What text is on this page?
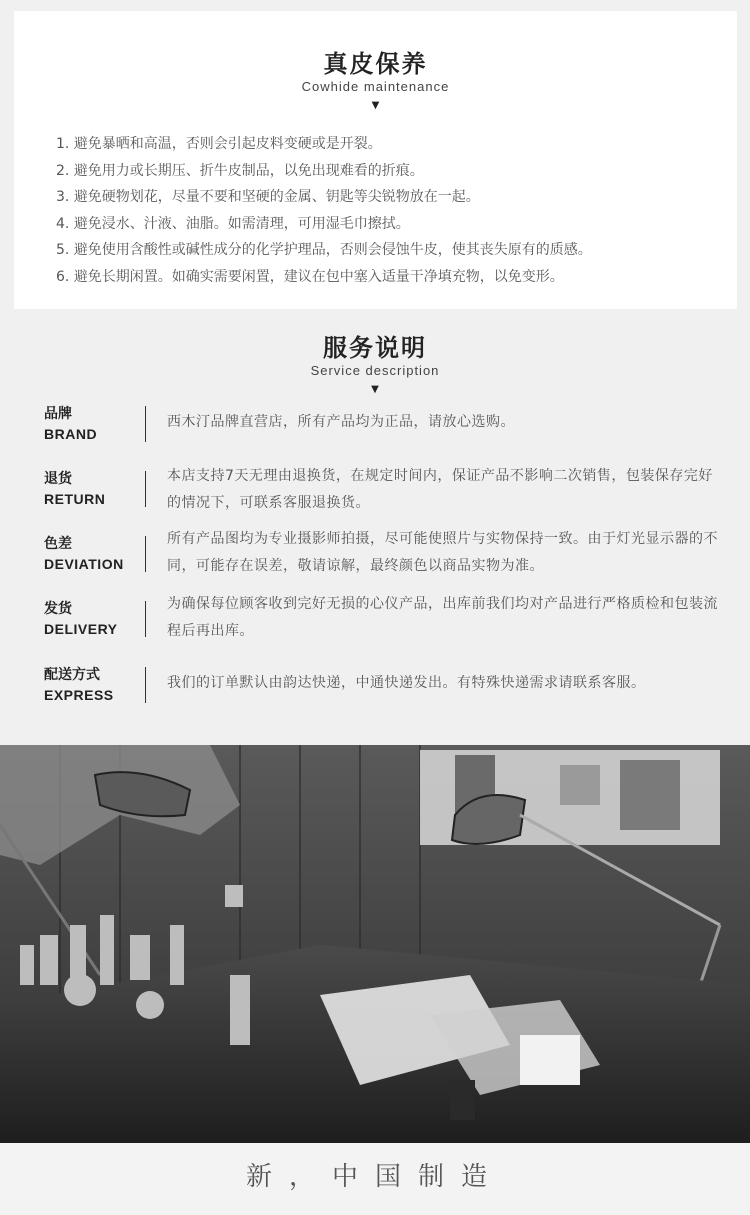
真皮保养
Cowhide maintenance
▼
1. 避免暴晒和高温，否则会引起皮料变硬或是开裂。
2. 避免用力或长期压、折牛皮制品，以免出现难看的折痕。
3. 避免硬物划花，尽量不要和坚硬的金属、钥匙等尖锐物放在一起。
4. 避免浸水、汁液、油脂。如需清理，可用湿毛巾擦拭。
5. 避免使用含酸性或碱性成分的化学护理品，否则会侵蚀牛皮，使其丧失原有的质感。
6. 避免长期闲置。如确实需要闲置，建议在包中塞入适量干净填充物，以免变形。
服务说明
Service description
▼
品牌
BRAND
西木汀品牌直营店，所有产品均为正品，请放心选购。
退货
RETURN
本店支持7天无理由退换货，在规定时间内，保证产品不影响二次销售，包装保存完好的情况下，可联系客服退换货。
色差
DEVIATION
所有产品图均为专业摄影师拍摄，尽可能使照片与实物保持一致。由于灯光显示器的不同，可能存在误差，敬请谅解，最终颜色以商品实物为准。
发货
DELIVERY
为确保每位顾客收到完好无损的心仪产品，出库前我们均对产品进行严格质检和包装流程后再出库。
配送方式
EXPRESS
我们的订单默认由韵达快递，中通快递发出。有特殊快递需求请联系客服。
新，中国制造
